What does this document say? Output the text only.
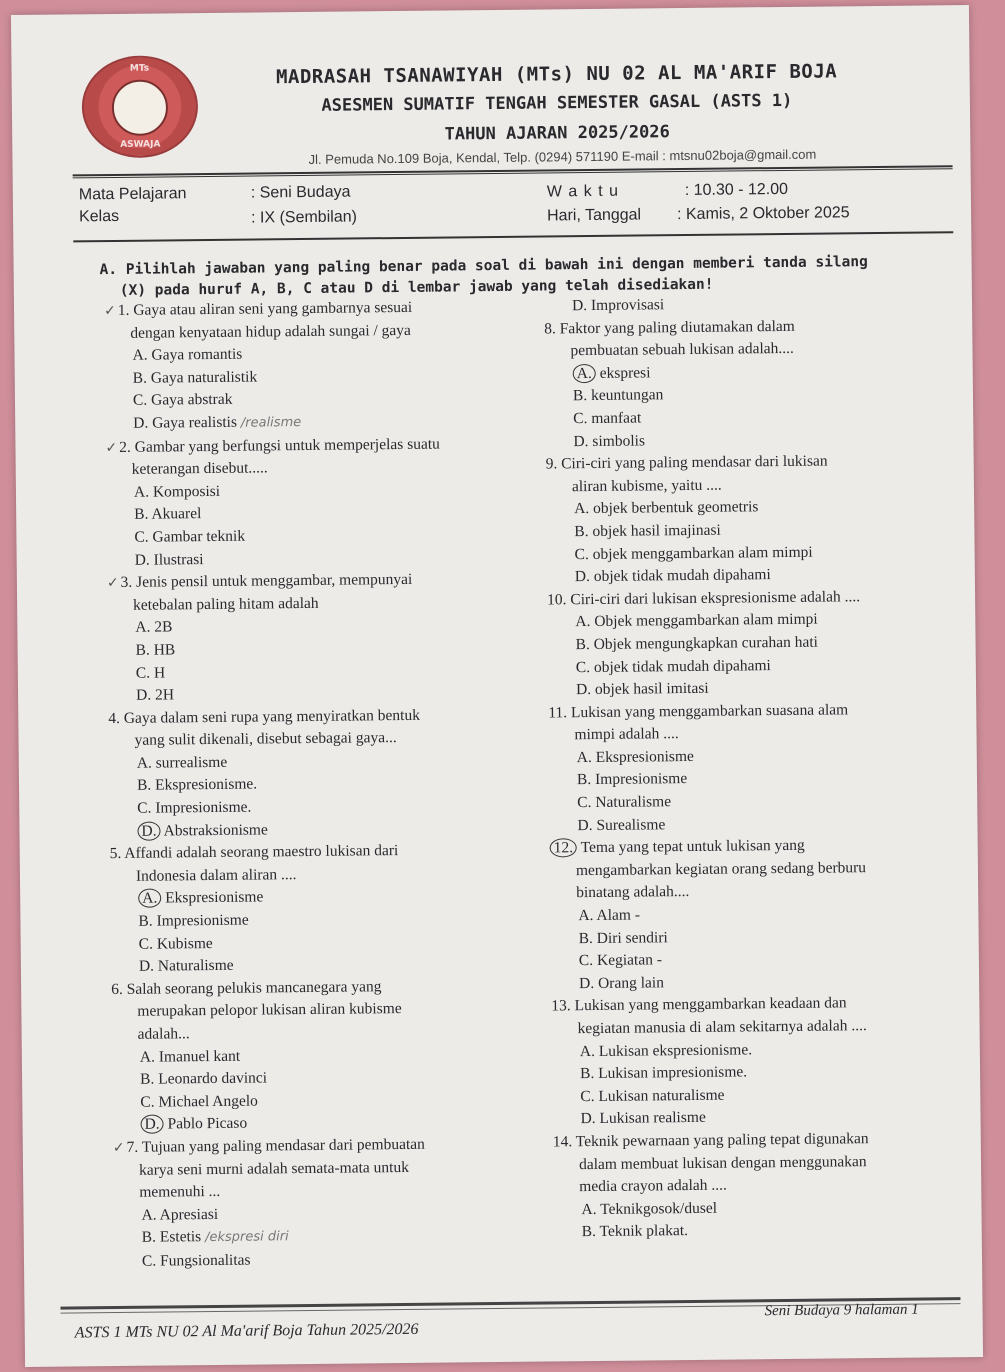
MTs
ASWAJA
MADRASAH TSANAWIYAH (MTs) NU 02 AL MA'ARIF BOJA
ASESMEN SUMATIF TENGAH SEMESTER GASAL (ASTS 1)
TAHUN AJARAN 2025/2026
Jl. Pemuda No.109 Boja, Kendal, Telp. (0294) 571190 E-mail : mtsnu02boja@gmail.com
Mata Pelajaran	: Seni Budaya
Kelas	: IX (Sembilan)
W a k t u	: 10.30 - 12.00
Hari, Tanggal : Kamis, 2 Oktober 2025
A. Pilihlah jawaban yang paling benar pada soal di bawah ini dengan memberi tanda silang
(X) pada huruf A, B, C atau D di lembar jawab yang telah disediakan!
✓ 1. Gaya atau aliran seni yang gambarnya sesuai
dengan kenyataan hidup adalah sungai / gaya
A. Gaya romantis
B. Gaya naturalistik
C. Gaya abstrak
D. Gaya realistis /realisme
✓ 2. Gambar yang berfungsi untuk memperjelas suatu
keterangan disebut.....
A. Komposisi
B. Akuarel
C. Gambar teknik
D. Ilustrasi
✓ 3. Jenis pensil untuk menggambar, mempunyai
ketebalan paling hitam adalah
A. 2B
B. HB
C. H
D. 2H
4. Gaya dalam seni rupa yang menyiratkan bentuk
yang sulit dikenali, disebut sebagai gaya...
A. surrealisme
B. Ekspresionisme.
C. Impresionisme.
D. Abstraksionisme
5. Affandi adalah seorang maestro lukisan dari
Indonesia dalam aliran ....
A. Ekspresionisme
B. Impresionisme
C. Kubisme
D. Naturalisme
6. Salah seorang pelukis mancanegara yang
merupakan pelopor lukisan aliran kubisme
adalah...
A. Imanuel kant
B. Leonardo davinci
C. Michael Angelo
D. Pablo Picaso
✓ 7. Tujuan yang paling mendasar dari pembuatan
karya seni murni adalah semata-mata untuk
memenuhi ...
A. Apresiasi
B. Estetis /ekspresi diri
C. Fungsionalitas
D. Improvisasi
8. Faktor yang paling diutamakan dalam
pembuatan sebuah lukisan adalah....
A. ekspresi
B. keuntungan
C. manfaat
D. simbolis
9. Ciri-ciri yang paling mendasar dari lukisan
aliran kubisme, yaitu ....
A. objek berbentuk geometris
B. objek hasil imajinasi
C. objek menggambarkan alam mimpi
D. objek tidak mudah dipahami
10. Ciri-ciri dari lukisan ekspresionisme adalah ....
A. Objek menggambarkan alam mimpi
B. Objek mengungkapkan curahan hati
C. objek tidak mudah dipahami
D. objek hasil imitasi
11. Lukisan yang menggambarkan suasana alam
mimpi adalah ....
A. Ekspresionisme
B. Impresionisme
C. Naturalisme
D. Surealisme
12. Tema yang tepat untuk lukisan yang
mengambarkan kegiatan orang sedang berburu
binatang adalah....
A. Alam -
B. Diri sendiri
C. Kegiatan -
D. Orang lain
13. Lukisan yang menggambarkan keadaan dan
kegiatan manusia di alam sekitarnya adalah ....
A. Lukisan ekspresionisme.
B. Lukisan impresionisme.
C. Lukisan naturalisme
D. Lukisan realisme
14. Teknik pewarnaan yang paling tepat digunakan
dalam membuat lukisan dengan menggunakan
media crayon adalah ....
A. Teknikgosok/dusel
B. Teknik plakat.
ASTS 1 MTs NU 02 Al Ma'arif Boja Tahun 2025/2026
Seni Budaya 9 halaman 1
